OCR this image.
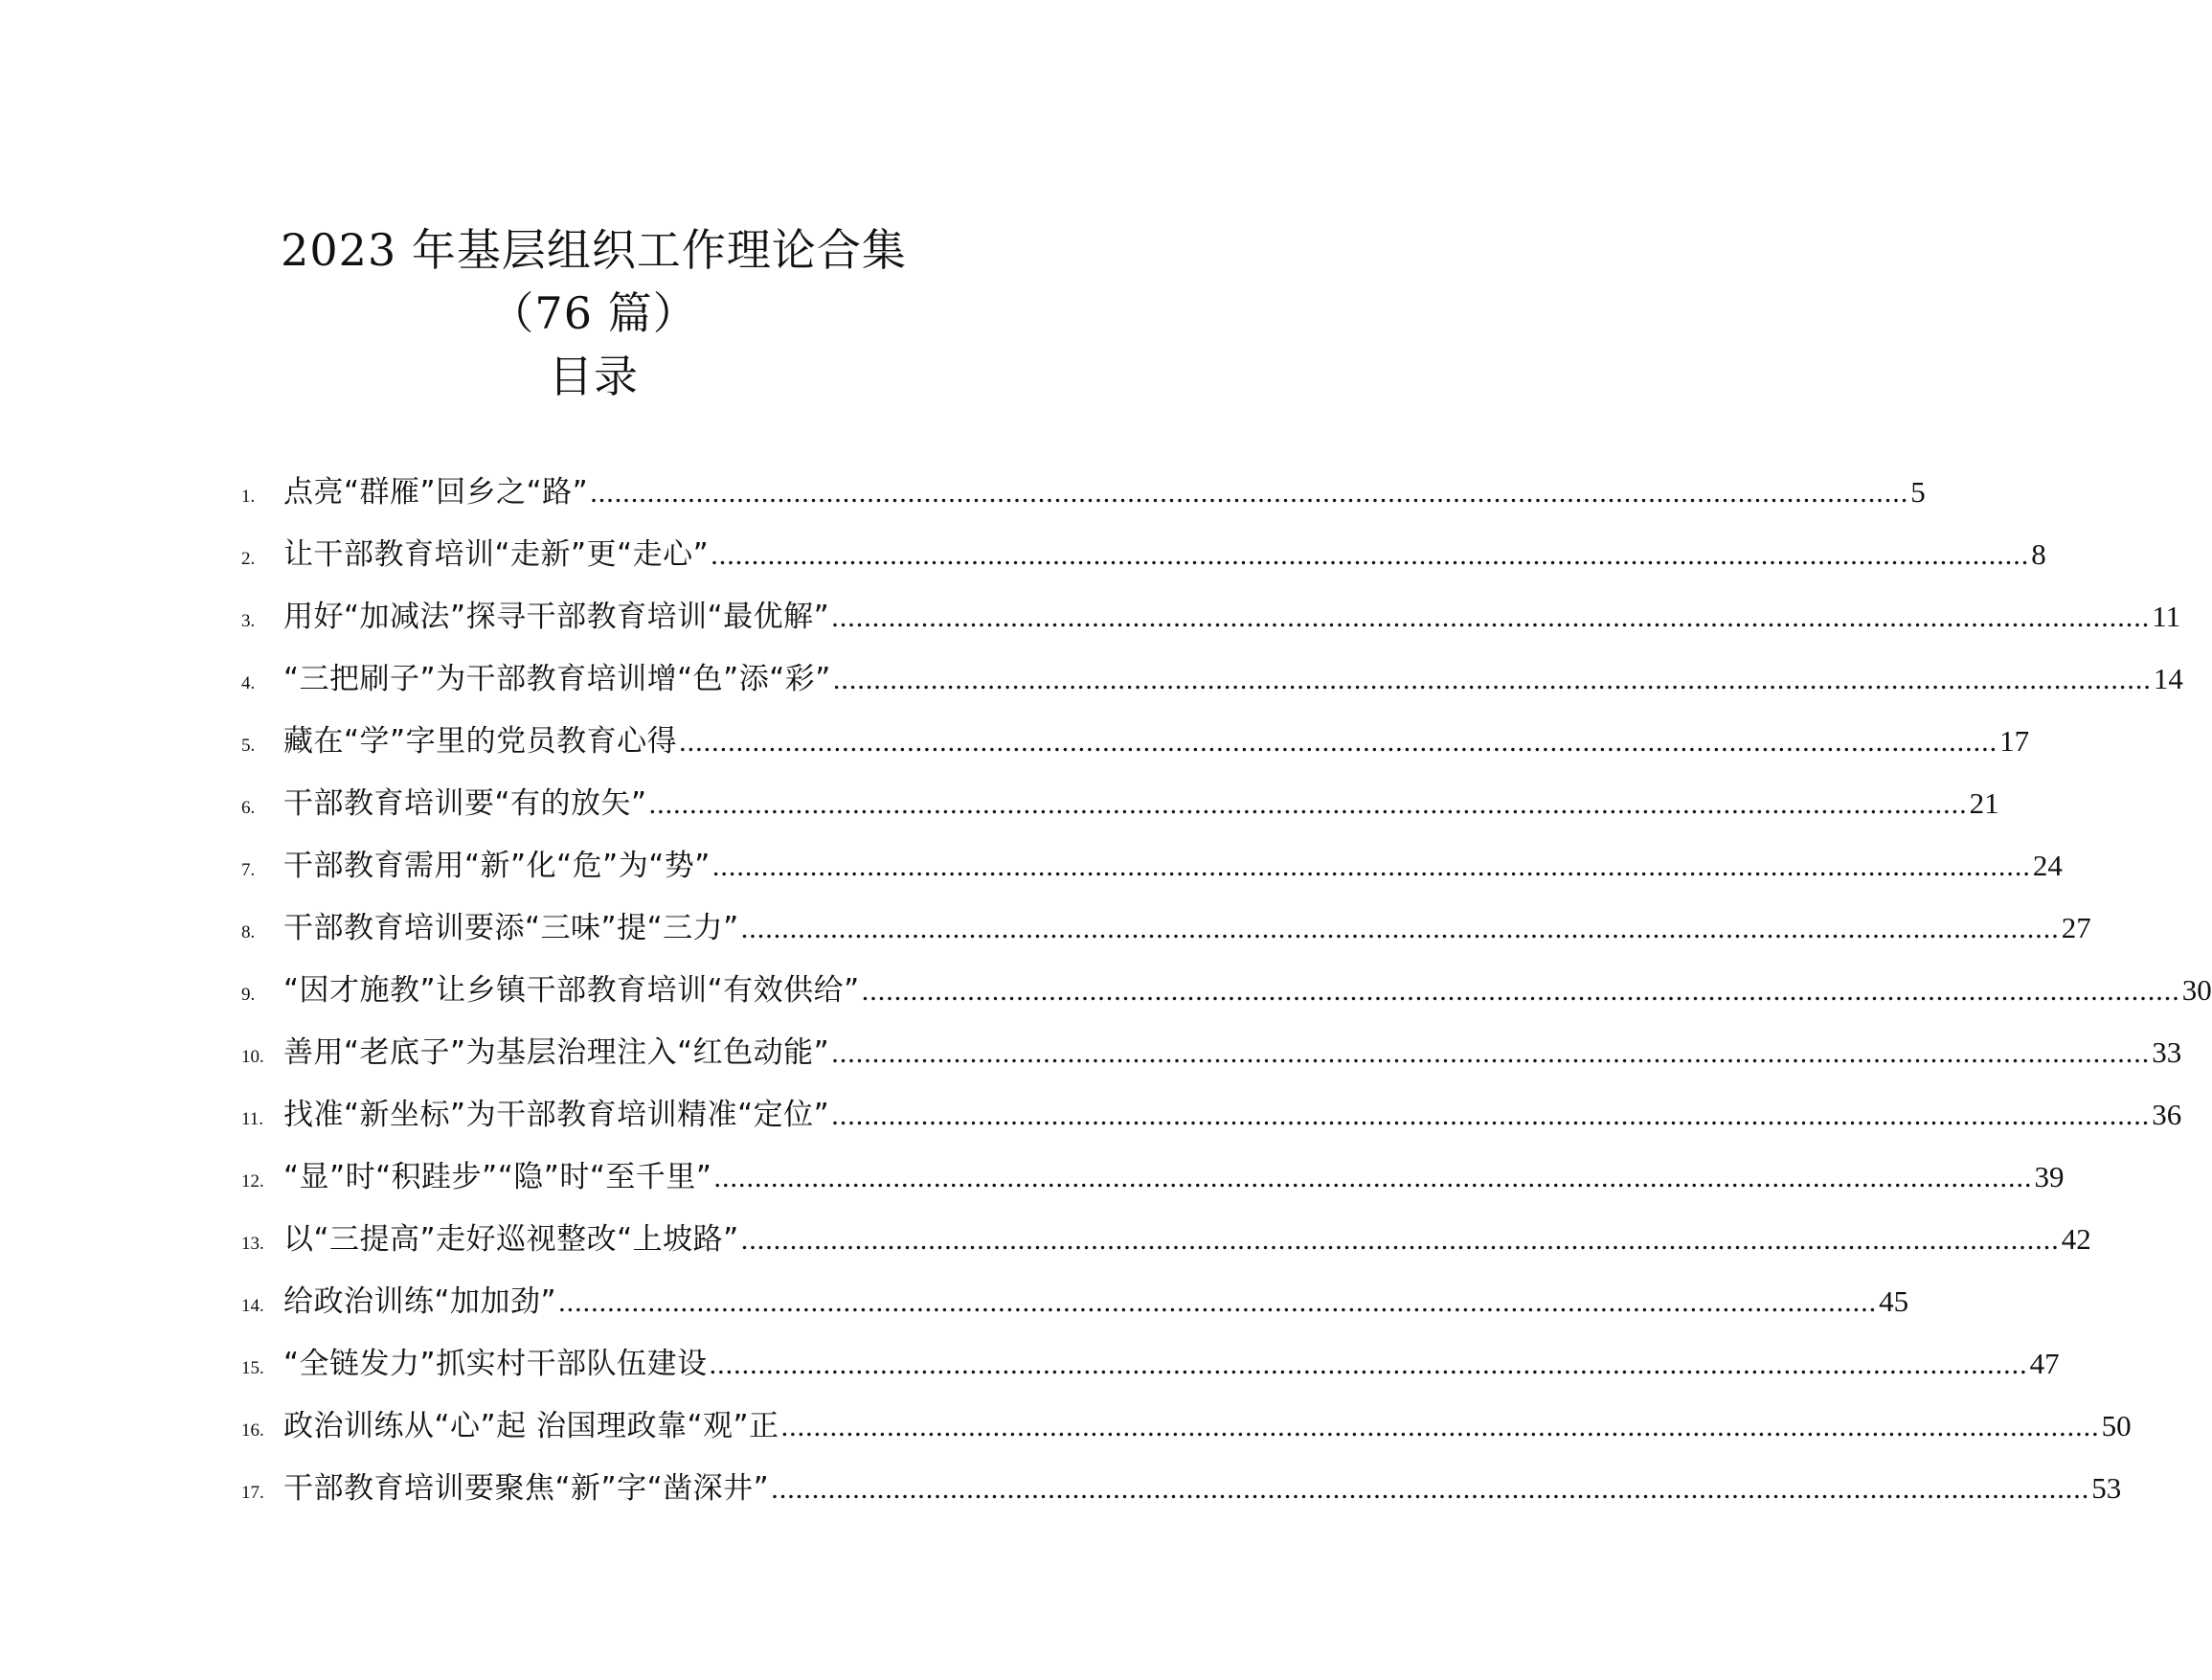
2023 年基层组织工作理论合集
（76 篇）
目录
1. 点亮“群雁”回乡之“路” .....	5
2. 让干部教育培训“走新”更“走心” .....	8
3. 用好“加减法”探寻干部教育培训“最优解” .....	11
4. “三把刷子”为干部教育培训增“色”添“彩” .....	14
5. 藏在“学”字里的党员教育心得 .....	17
6. 干部教育培训要“有的放矢” .....	21
7. 干部教育需用“新”化“危”为“势” .....	24
8. 干部教育培训要添“三味”提“三力” .....	27
9. “因才施教”让乡镇干部教育培训“有效供给” .....	30
10. 善用“老底子”为基层治理注入“红色动能” .....	33
11. 找准“新坐标”为干部教育培训精准“定位” .....	36
12. “显”时“积跬步”“隐”时“至千里” .....	39
13. 以“三提高”走好巡视整改“上坡路” .....	42
14. 给政治训练“加加劲” .....	45
15. “全链发力”抓实村干部队伍建设 .....	47
16. 政治训练从“心”起 治国理政靠“观”正 .....	50
17. 干部教育培训要聚焦“新”字“凿深井” .....	53
